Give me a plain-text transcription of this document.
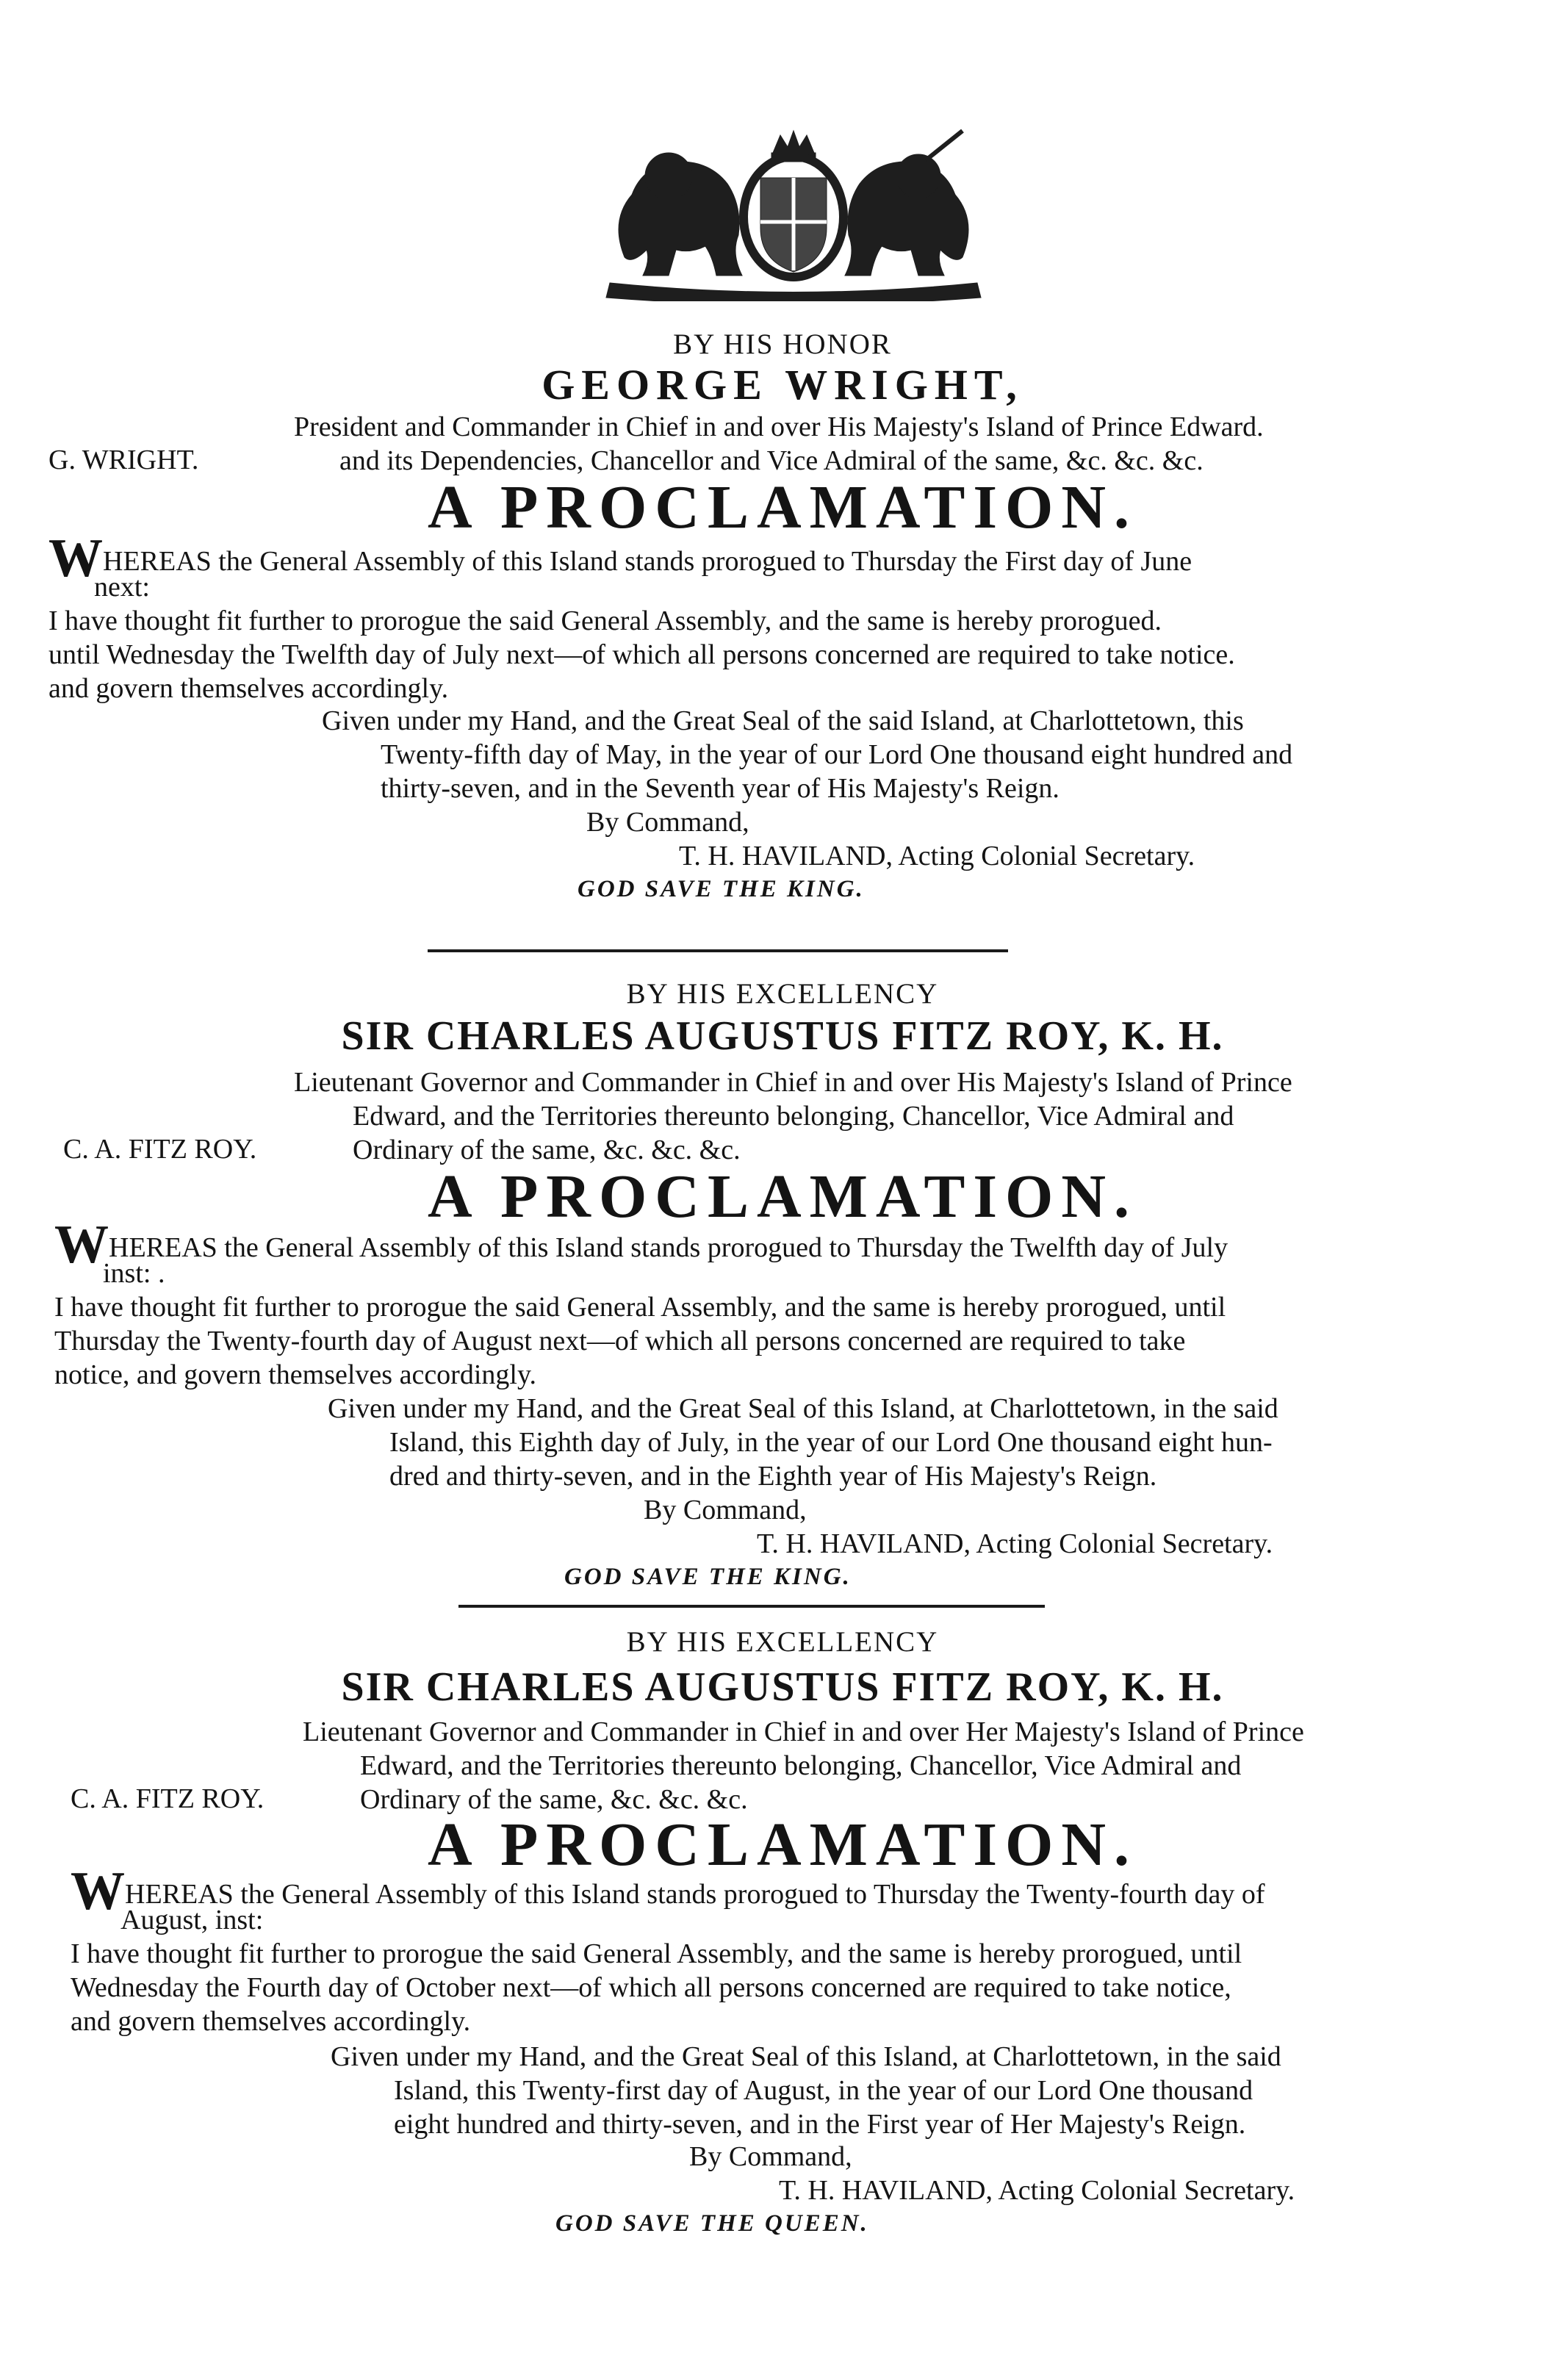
BY HIS HONOR
GEORGE WRIGHT,
President and Commander in Chief in and over His Majesty's Island of Prince Edward.
and its Dependencies, Chancellor and Vice Admiral of the same, &c. &c. &c.
G. WRIGHT.
A PROCLAMATION.
WHEREAS the General Assembly of this Island stands prorogued to Thursday the First day of June
next:
I have thought fit further to prorogue the said General Assembly, and the same is hereby prorogued.
until Wednesday the Twelfth day of July next—of which all persons concerned are required to take notice.
and govern themselves accordingly.
Given under my Hand, and the Great Seal of the said Island, at Charlottetown, this
Twenty-fifth day of May, in the year of our Lord One thousand eight hundred and
thirty-seven, and in the Seventh year of His Majesty's Reign.
By Command,
T. H. HAVILAND, Acting Colonial Secretary.
GOD SAVE THE KING.
BY HIS EXCELLENCY
SIR CHARLES AUGUSTUS FITZ ROY, K. H.
Lieutenant Governor and Commander in Chief in and over His Majesty's Island of Prince
Edward, and the Territories thereunto belonging, Chancellor, Vice Admiral and
Ordinary of the same, &c. &c. &c.
C. A. FITZ ROY.
A PROCLAMATION.
WHEREAS the General Assembly of this Island stands prorogued to Thursday the Twelfth day of July
inst: .
I have thought fit further to prorogue the said General Assembly, and the same is hereby prorogued, until
Thursday the Twenty-fourth day of August next—of which all persons concerned are required to take
notice, and govern themselves accordingly.
Given under my Hand, and the Great Seal of this Island, at Charlottetown, in the said
Island, this Eighth day of July, in the year of our Lord One thousand eight hun-
dred and thirty-seven, and in the Eighth year of His Majesty's Reign.
By Command,
T. H. HAVILAND, Acting Colonial Secretary.
GOD SAVE THE KING.
BY HIS EXCELLENCY
SIR CHARLES AUGUSTUS FITZ ROY, K. H.
Lieutenant Governor and Commander in Chief in and over Her Majesty's Island of Prince
Edward, and the Territories thereunto belonging, Chancellor, Vice Admiral and
Ordinary of the same, &c. &c. &c.
C. A. FITZ ROY.
A PROCLAMATION.
WHEREAS the General Assembly of this Island stands prorogued to Thursday the Twenty-fourth day of
August, inst:
I have thought fit further to prorogue the said General Assembly, and the same is hereby prorogued, until
Wednesday the Fourth day of October next—of which all persons concerned are required to take notice,
and govern themselves accordingly.
Given under my Hand, and the Great Seal of this Island, at Charlottetown, in the said
Island, this Twenty-first day of August, in the year of our Lord One thousand
eight hundred and thirty-seven, and in the First year of Her Majesty's Reign.
By Command,
T. H. HAVILAND, Acting Colonial Secretary.
GOD SAVE THE QUEEN.
